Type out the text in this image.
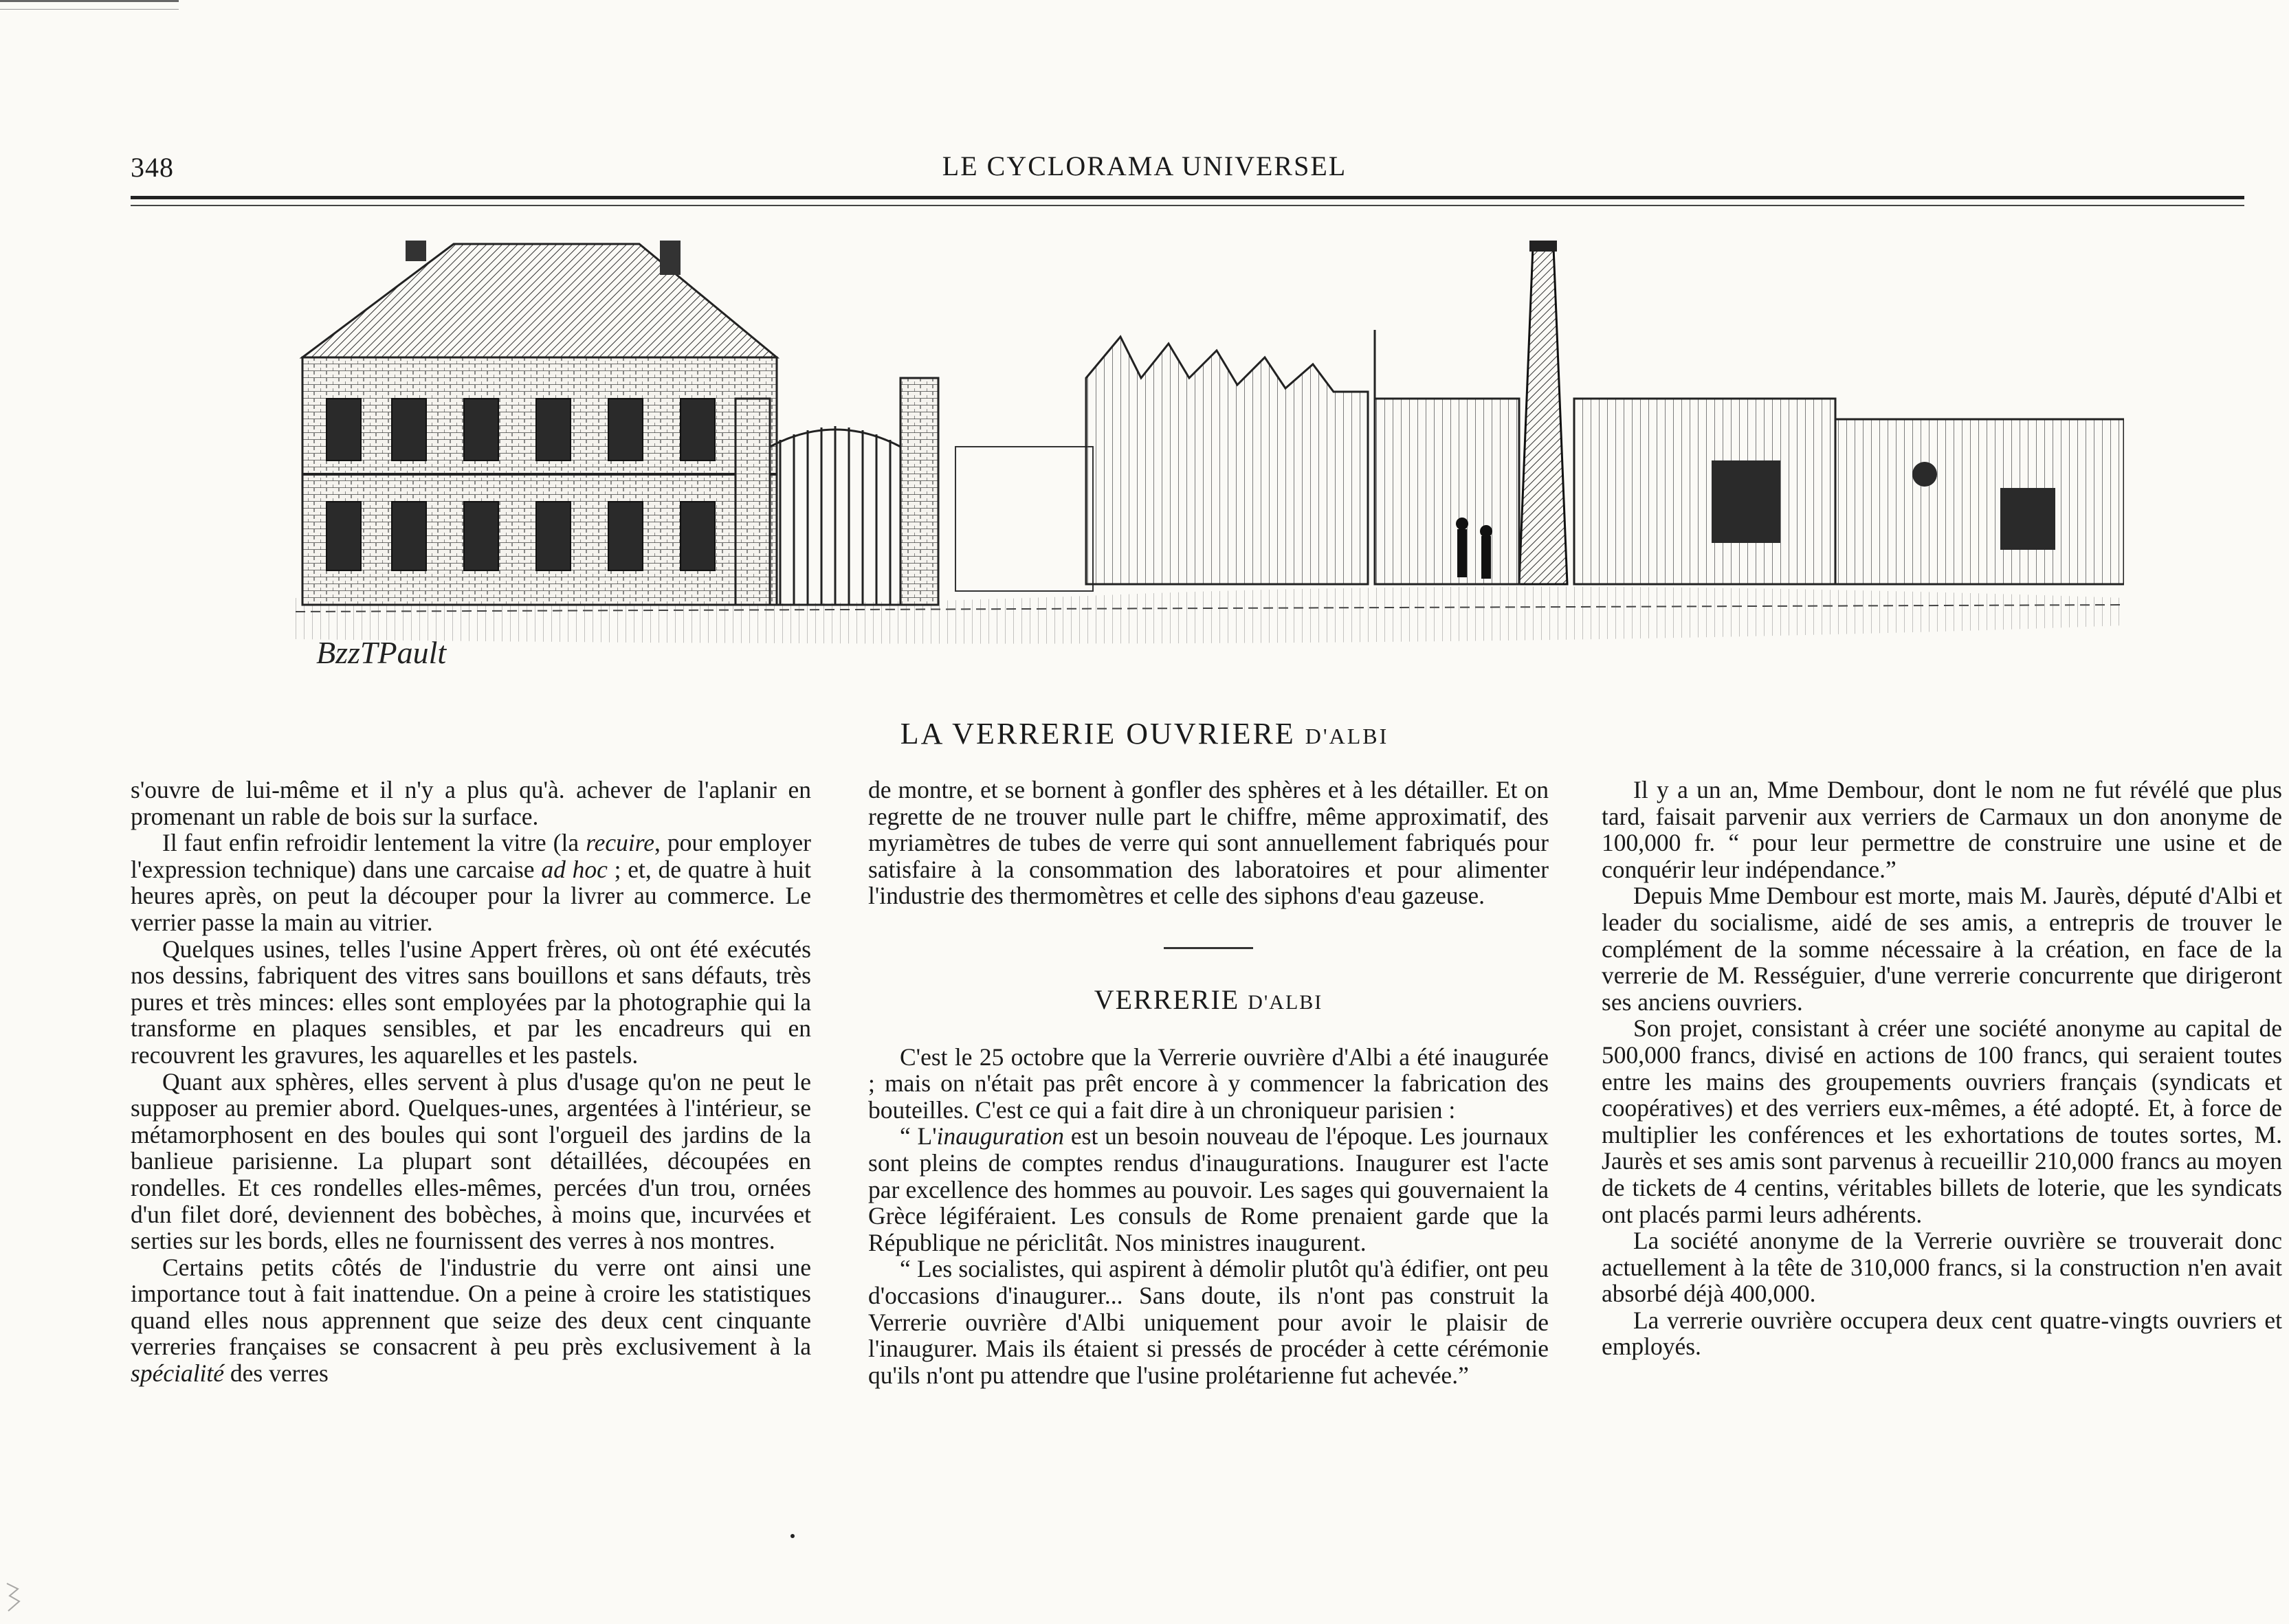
348	LE CYCLORAMA UNIVERSEL
BzzTPault
LA VERRERIE OUVRIERE D'ALBI

s'ouvre de lui-même et il n'y a plus qu'à. achever de l'aplanir en promenant un rable de bois sur la surface.

Il faut enfin refroidir lentement la vitre (la recuire, pour employer l'expression technique) dans une carcaise ad hoc ; et, de quatre à huit heures après, on peut la découper pour la livrer au commerce. Le verrier passe la main au vitrier.

Quelques usines, telles l'usine Appert frères, où ont été exécutés nos dessins, fabriquent des vitres sans bouillons et sans défauts, très pures et très minces: elles sont employées par la photographie qui la transforme en plaques sensibles, et par les encadreurs qui en recouvrent les gravures, les aquarelles et les pastels.

Quant aux sphères, elles servent à plus d'usage qu'on ne peut le supposer au premier abord. Quelques-unes, argentées à l'intérieur, se métamorphosent en des boules qui sont l'orgueil des jardins de la banlieue parisienne. La plupart sont détaillées, découpées en rondelles. Et ces rondelles elles-mêmes, percées d'un trou, ornées d'un filet doré, deviennent des bobèches, à moins que, incurvées et serties sur les bords, elles ne fournissent des verres à nos montres.

Certains petits côtés de l'industrie du verre ont ainsi une importance tout à fait inattendue. On a peine à croire les statistiques quand elles nous apprennent que seize des deux cent cinquante verreries françaises se consacrent à peu près exclusivement à la spécialité des verres

de montre, et se bornent à gonfler des sphères et à les détailler. Et on regrette de ne trouver nulle part le chiffre, même approximatif, des myriamètres de tubes de verre qui sont annuellement fabriqués pour satisfaire à la consommation des laboratoires et pour alimenter l'industrie des thermomètres et celle des siphons d'eau gazeuse.

VERRERIE D'ALBI

C'est le 25 octobre que la Verrerie ouvrière d'Albi a été inaugurée ; mais on n'était pas prêt encore à y commencer la fabrication des bouteilles. C'est ce qui a fait dire à un chroniqueur parisien :

“ L'inauguration est un besoin nouveau de l'époque. Les journaux sont pleins de comptes rendus d'inaugurations. Inaugurer est l'acte par excellence des hommes au pouvoir. Les sages qui gouvernaient la Grèce légiféraient. Les consuls de Rome prenaient garde que la République ne périclitât. Nos ministres inaugurent.

“ Les socialistes, qui aspirent à démolir plutôt qu'à édifier, ont peu d'occasions d'inaugurer... Sans doute, ils n'ont pas construit la Verrerie ouvrière d'Albi uniquement pour avoir le plaisir de l'inaugurer. Mais ils étaient si pressés de procéder à cette cérémonie qu'ils n'ont pu attendre que l'usine prolétarienne fut achevée.”

Il y a un an, Mme Dembour, dont le nom ne fut révélé que plus tard, faisait parvenir aux verriers de Carmaux un don anonyme de 100,000 fr. “ pour leur permettre de construire une usine et de conquérir leur indépendance.”

Depuis Mme Dembour est morte, mais M. Jaurès, député d'Albi et leader du socialisme, aidé de ses amis, a entrepris de trouver le complément de la somme nécessaire à la création, en face de la verrerie de M. Rességuier, d'une verrerie concurrente que dirigeront ses anciens ouvriers.

Son projet, consistant à créer une société anonyme au capital de 500,000 francs, divisé en actions de 100 francs, qui seraient toutes entre les mains des groupements ouvriers français (syndicats et coopératives) et des verriers eux-mêmes, a été adopté. Et, à force de multiplier les conférences et les exhortations de toutes sortes, M. Jaurès et ses amis sont parvenus à recueillir 210,000 francs au moyen de tickets de 4 centins, véritables billets de loterie, que les syndicats ont placés parmi leurs adhérents.

La société anonyme de la Verrerie ouvrière se trouverait donc actuellement à la tête de 310,000 francs, si la construction n'en avait absorbé déjà 400,000.

La verrerie ouvrière occupera deux cent quatre-vingts ouvriers et employés.
